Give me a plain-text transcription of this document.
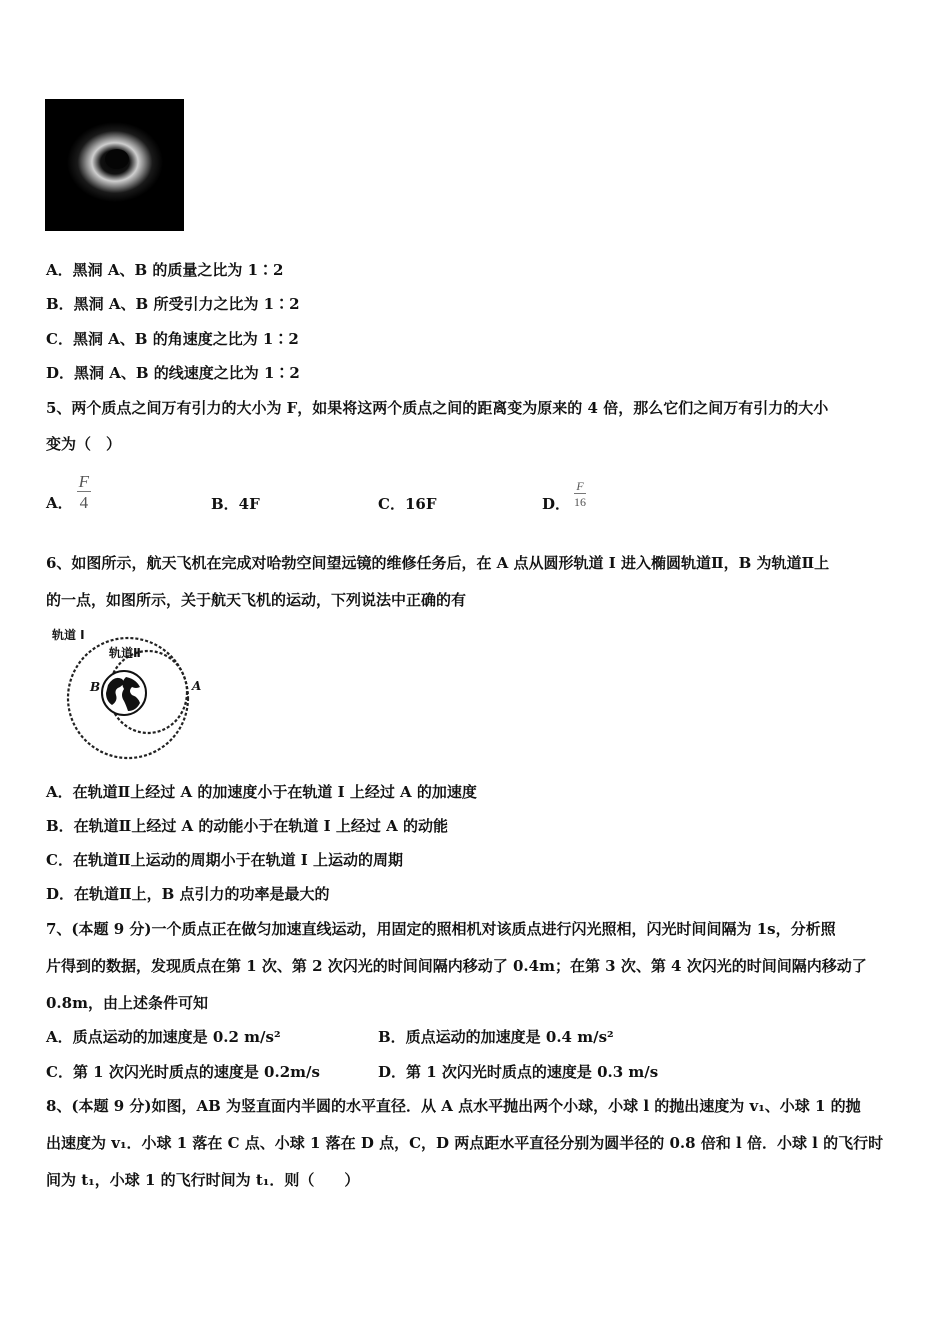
A．黑洞 A、B 的质量之比为 1∶2
B．黑洞 A、B 所受引力之比为 1∶2
C．黑洞 A、B 的角速度之比为 1∶2
D．黑洞 A、B 的线速度之比为 1∶2
5、两个质点之间万有引力的大小为 F，如果将这两个质点之间的距离变为原来的 4 倍，那么它们之间万有引力的大小
变为（　）
A． $\frac{F}{4}$	B．4F	C．16F	D． $\frac{F}{16}$
6、如图所示，航天飞机在完成对哈勃空间望远镜的维修任务后，在 A 点从圆形轨道 I 进入椭圆轨道Ⅱ，B 为轨道Ⅱ上
的一点，如图所示，关于航天飞机的运动，下列说法中正确的有
轨道 I
轨道Ⅱ
A
B
A．在轨道Ⅱ上经过 A 的加速度小于在轨道 I 上经过 A 的加速度
B．在轨道Ⅱ上经过 A 的动能小于在轨道 I 上经过 A 的动能
C．在轨道Ⅱ上运动的周期小于在轨道 I 上运动的周期
D．在轨道Ⅱ上，B 点引力的功率是最大的
7、(本题 9 分)一个质点正在做匀加速直线运动，用固定的照相机对该质点进行闪光照相，闪光时间间隔为 1s，分析照
片得到的数据，发现质点在第 1 次、第 2 次闪光的时间间隔内移动了 0.4m；在第 3 次、第 4 次闪光的时间间隔内移动了
0.8m，由上述条件可知
A．质点运动的加速度是 0.2 m/s²	B．质点运动的加速度是 0.4 m/s²
C．第 1 次闪光时质点的速度是 0.2m/s	D．第 1 次闪光时质点的速度是 0.3 m/s
8、(本题 9 分)如图，AB 为竖直面内半圆的水平直径．从 A 点水平抛出两个小球，小球 l 的抛出速度为 v₁、小球 1 的抛
出速度为 v₁．小球 1 落在 C 点、小球 1 落在 D 点，C，D 两点距水平直径分别为圆半径的 0.8 倍和 l 倍．小球 l 的飞行时
间为 t₁，小球 1 的飞行时间为 t₁．则（　　）
